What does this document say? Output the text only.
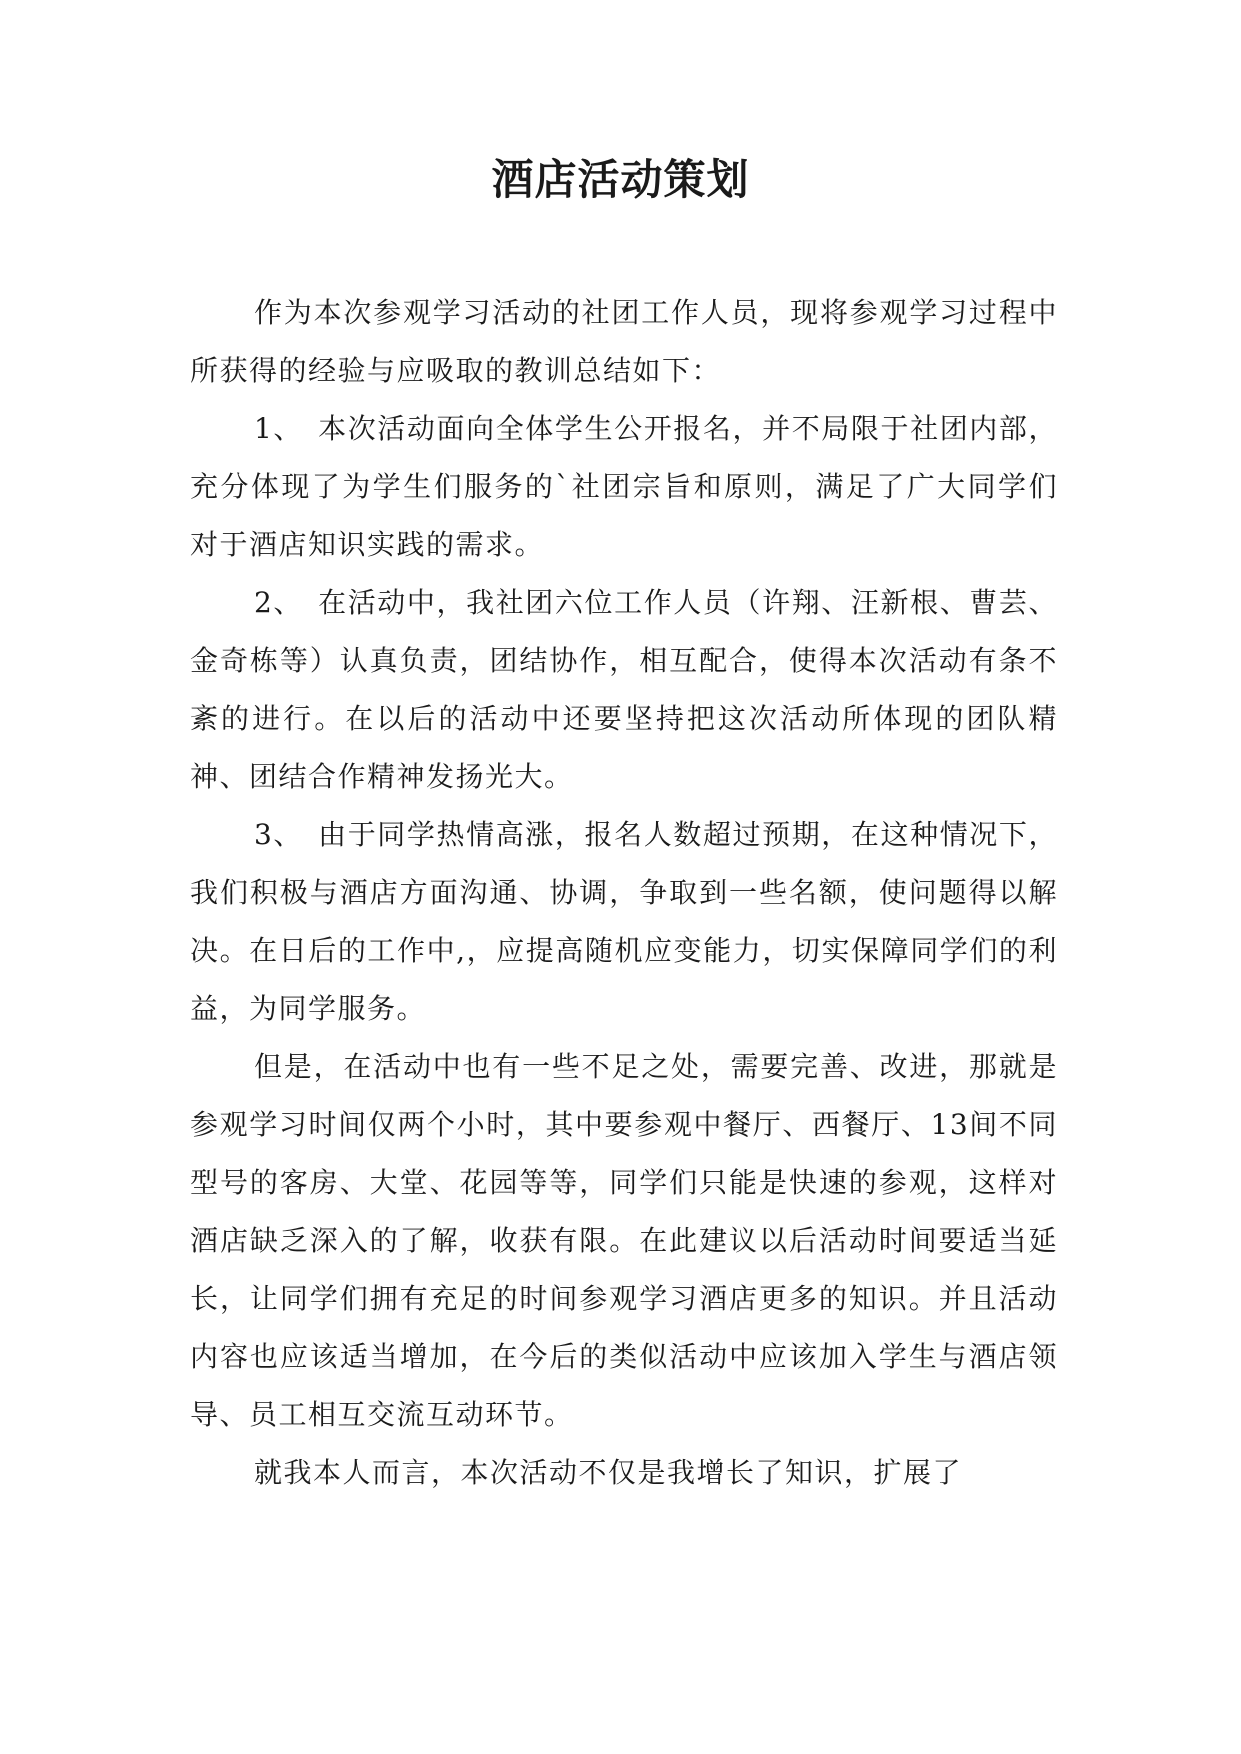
酒店活动策划

作为本次参观学习活动的社团工作人员，现将参观学习过程中所获得的经验与应吸取的教训总结如下：

1、 本次活动面向全体学生公开报名，并不局限于社团内部，充分体现了为学生们服务的`社团宗旨和原则，满足了广大同学们对于酒店知识实践的需求。

2、 在活动中，我社团六位工作人员（许翔、汪新根、曹芸、金奇栋等）认真负责，团结协作，相互配合，使得本次活动有条不紊的进行。在以后的活动中还要坚持把这次活动所体现的团队精神、团结合作精神发扬光大。

3、 由于同学热情高涨，报名人数超过预期，在这种情况下，我们积极与酒店方面沟通、协调，争取到一些名额，使问题得以解决。在日后的工作中,，应提高随机应变能力，切实保障同学们的利益，为同学服务。

但是，在活动中也有一些不足之处，需要完善、改进，那就是参观学习时间仅两个小时，其中要参观中餐厅、西餐厅、13间不同型号的客房、大堂、花园等等，同学们只能是快速的参观，这样对酒店缺乏深入的了解，收获有限。在此建议以后活动时间要适当延长，让同学们拥有充足的时间参观学习酒店更多的知识。并且活动内容也应该适当增加，在今后的类似活动中应该加入学生与酒店领导、员工相互交流互动环节。

就我本人而言，本次活动不仅是我增长了知识，扩展了
